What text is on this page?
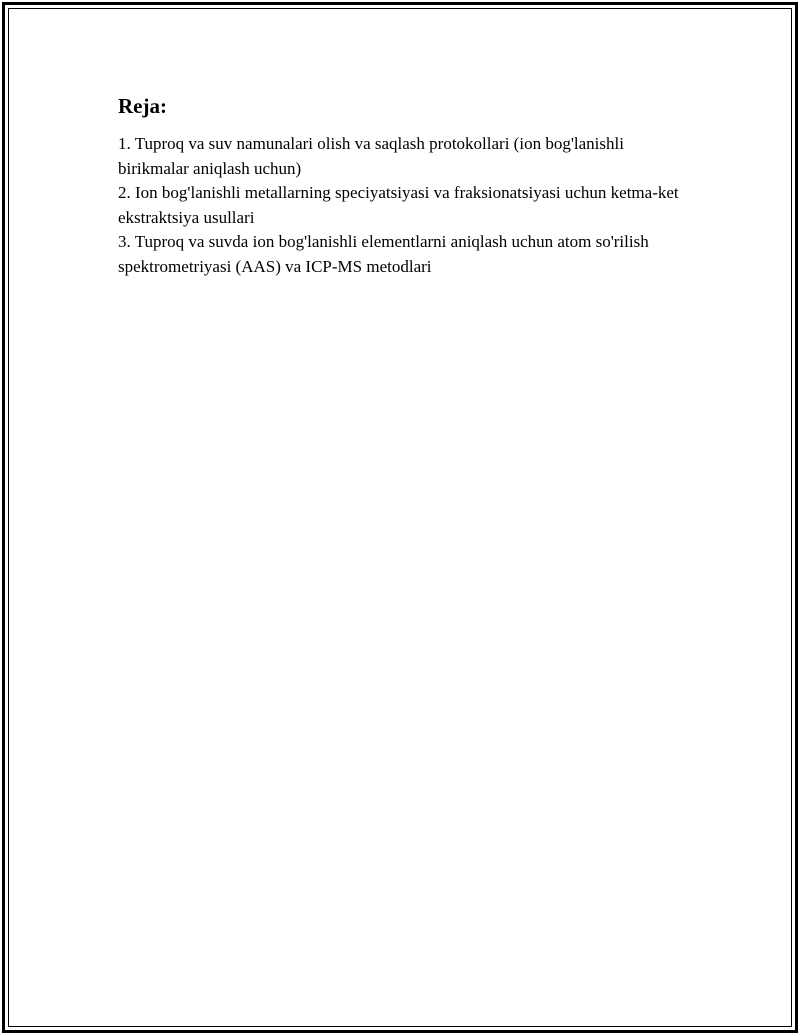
Reja:
1. Tuproq va suv namunalari olish va saqlash protokollari (ion bog'lanishli birikmalar aniqlash uchun)
2. Ion bog'lanishli metallarning speciyatsiyasi va fraksionatsiyasi uchun ketma-ket ekstraktsiya usullari
3. Tuproq va suvda ion bog'lanishli elementlarni aniqlash uchun atom so'rilish spektrometriyasi (AAS) va ICP-MS metodlari
